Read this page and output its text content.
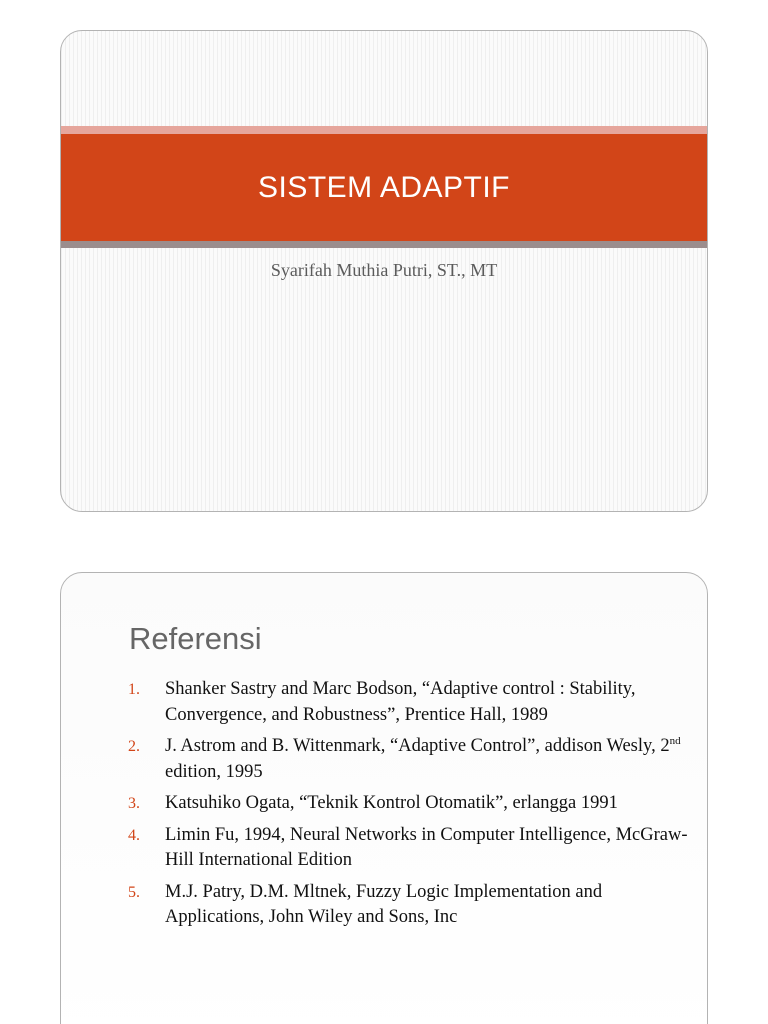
SISTEM ADAPTIF

Syarifah Muthia Putri, ST., MT

Referensi
1. Shanker Sastry and Marc Bodson, “Adaptive control : Stability, Convergence, and Robustness”, Prentice Hall, 1989
2. J. Astrom and B. Wittenmark, “Adaptive Control”, addison Wesly, 2nd edition, 1995
3. Katsuhiko Ogata, “Teknik Kontrol Otomatik”, erlangga 1991
4. Limin Fu, 1994, Neural Networks in Computer Intelligence, McGraw-Hill International Edition
5. M.J. Patry, D.M. Mltnek, Fuzzy Logic Implementation and Applications, John Wiley and Sons, Inc
